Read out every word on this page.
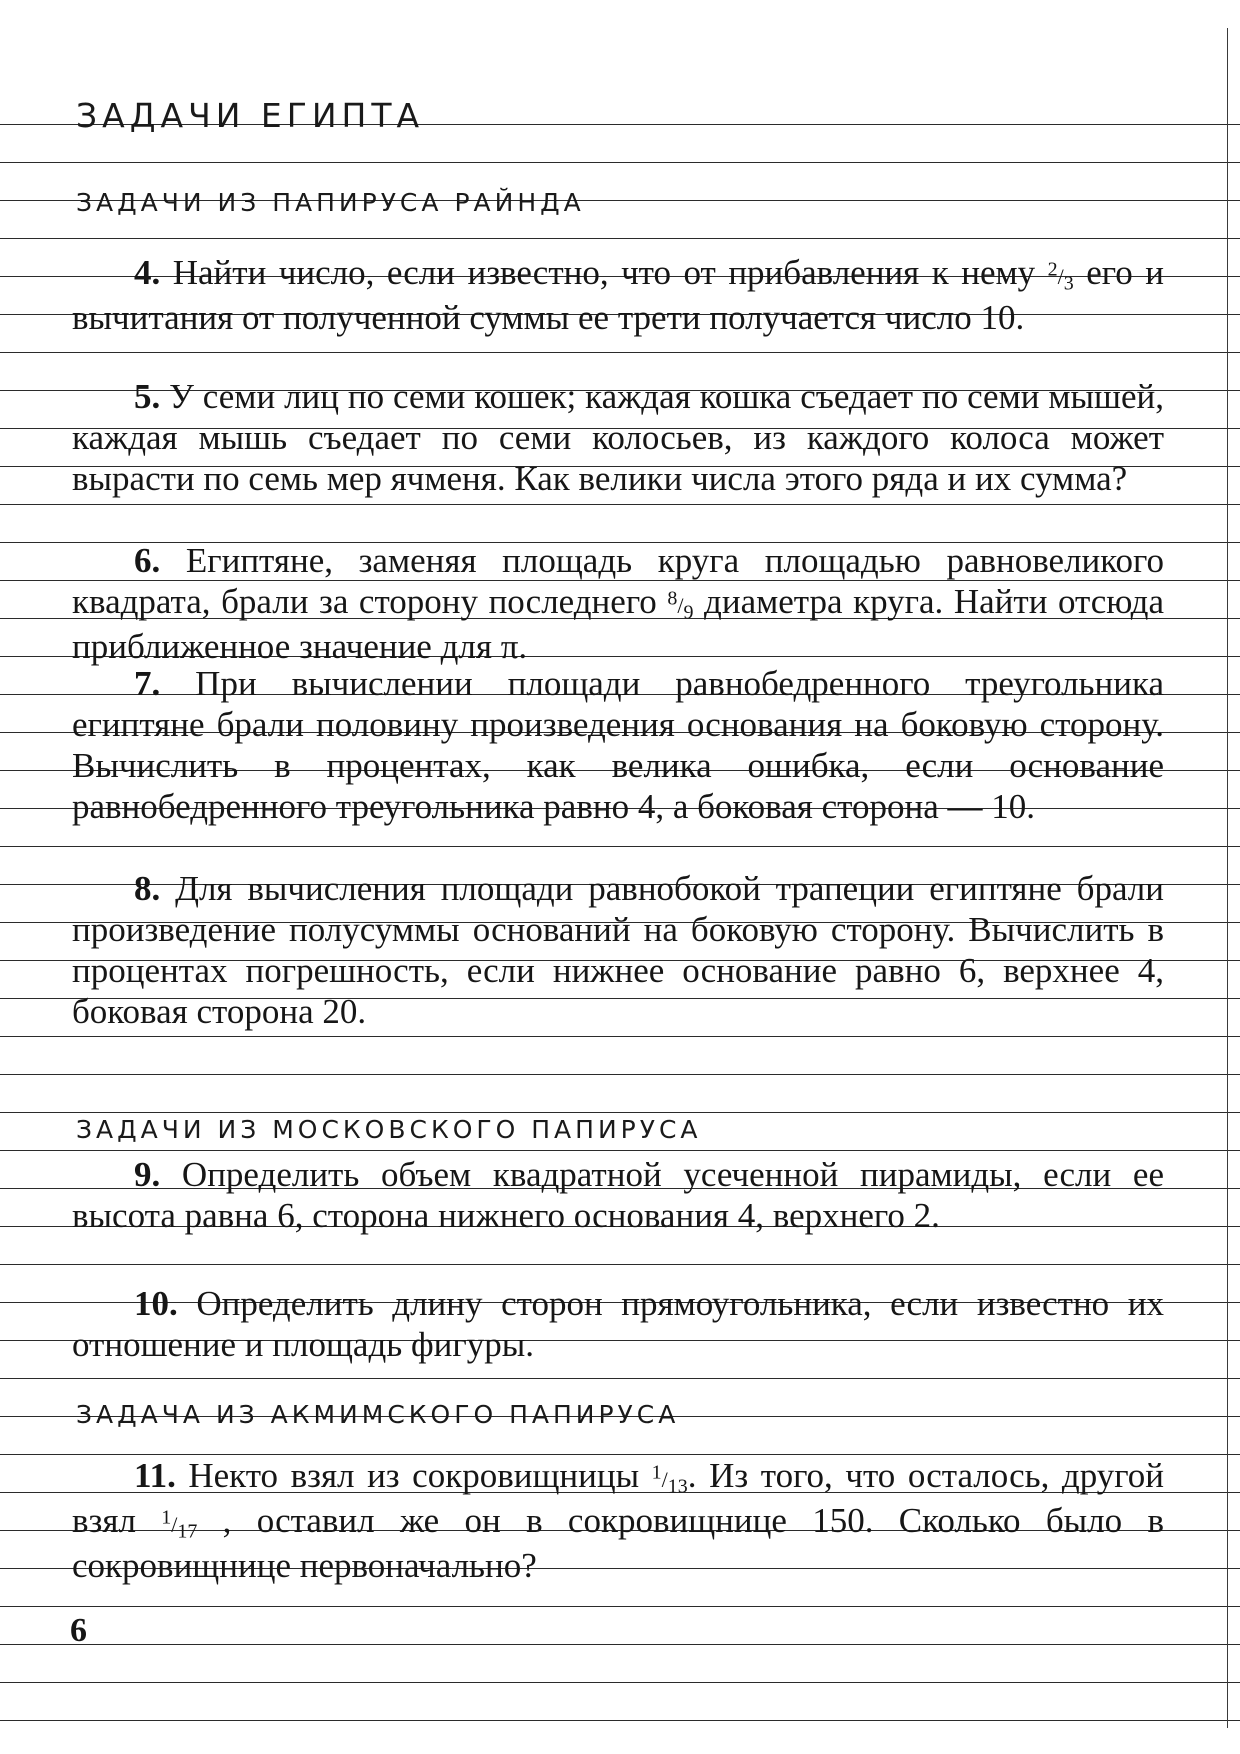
ЗАДАЧИ ЕГИПТА
ЗАДАЧИ ИЗ ПАПИРУСА РАЙНДА

4. Найти число, если известно, что от прибавления к нему $^2/_3$ его и вычитания от полученной суммы ее трети получается число 10.

5. У семи лиц по семи кошек; каждая кошка съедает по семи мышей, каждая мышь съедает по семи колосьев, из каждого колоса может вырасти по семь мер ячменя. Как велики числа этого ряда и их сумма?

6. Египтяне, заменяя площадь круга площадью равновеликого квадрата, брали за сторону последнего $^8/_9$ диаметра круга. Найти отсюда приближенное значение для π.

7. При вычислении площади равнобедренного треугольника египтяне брали половину произведения основания на боковую сторону. Вычислить в процентах, как велика ошибка, если основание равнобедренного треугольника равно 4, а боковая сторона — 10.

8. Для вычисления площади равнобокой трапеции египтяне брали произведение полусуммы оснований на боковую сторону. Вычислить в процентах погрешность, если нижнее основание равно 6, верхнее 4, боковая сторона 20.

ЗАДАЧИ ИЗ МОСКОВСКОГО ПАПИРУСА

9. Определить объем квадратной усеченной пирамиды, если ее высота равна 6, сторона нижнего основания 4, верхнего 2.

10. Определить длину сторон прямоугольника, если известно их отношение и площадь фигуры.

ЗАДАЧА ИЗ АКМИМСКОГО ПАПИРУСА

11. Некто взял из сокровищницы $^1/_{13}$. Из того, что осталось, другой взял $^1/_{17}$ , оставил же он в сокровищнице 150. Сколько было в сокровищнице первоначально?

6
